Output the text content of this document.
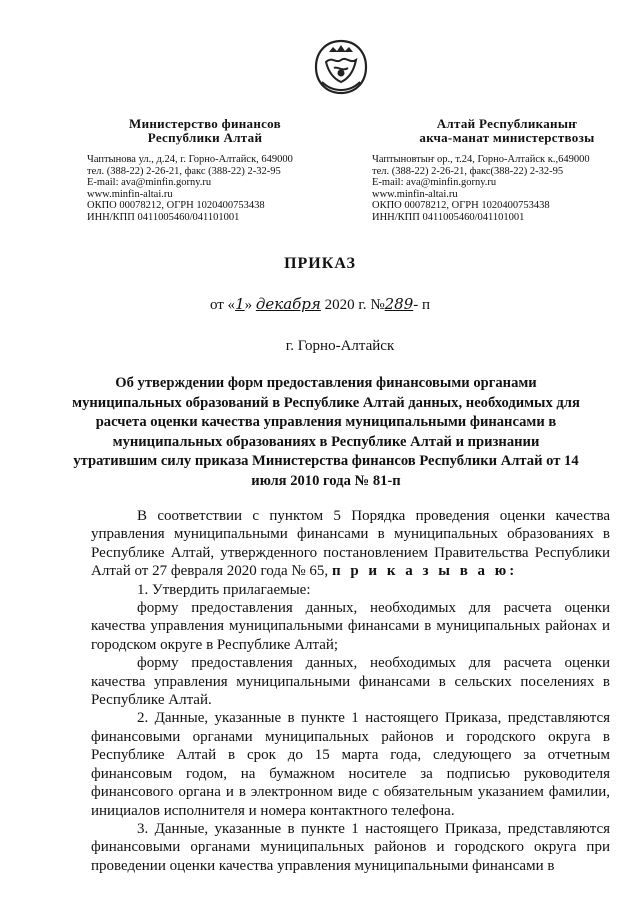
Министерство финансов
Республики Алтай
Чаптынова ул., д.24, г. Горно-Алтайск, 649000
тел. (388-22) 2-26-21, факс (388-22) 2-32-95
E-mail: ava@minfin.gorny.ru
www.minfin-altai.ru
ОКПО 00078212, ОГРН 1020400753438
ИНН/КПП 0411005460/041101001
Алтай Республиканыҥ
акча-манат министерствозы
Чаптыновтыҥ ор., т.24, Горно-Алтайск к.,649000
тел. (388-22) 2-26-21, факс(388-22) 2-32-95
E-mail: ava@minfin.gorny.ru
www.minfin-altai.ru
ОКПО 00078212, ОГРН 1020400753438
ИНН/КПП 0411005460/041101001
ПРИКАЗ
от «1» декабря 2020 г. №289- п
г. Горно-Алтайск
Об утверждении форм предоставления финансовыми органами муниципальных образований в Республике Алтай данных, необходимых для расчета оценки качества управления муниципальными финансами в муниципальных образованиях в Республике Алтай и признании утратившим силу приказа Министерства финансов Республики Алтай от 14 июля 2010 года № 81-п

В соответствии с пунктом 5 Порядка проведения оценки качества управления муниципальными финансами в муниципальных образованиях в Республике Алтай, утвержденного постановлением Правительства Республики Алтай от 27 февраля 2020 года № 65, п р и к а з ы в а ю:

1. Утвердить прилагаемые:

форму предоставления данных, необходимых для расчета оценки качества управления муниципальными финансами в муниципальных районах и городском округе в Республике Алтай;

форму предоставления данных, необходимых для расчета оценки качества управления муниципальными финансами в сельских поселениях в Республике Алтай.

2. Данные, указанные в пункте 1 настоящего Приказа, представляются финансовыми органами муниципальных районов и городского округа в Республике Алтай в срок до 15 марта года, следующего за отчетным финансовым годом, на бумажном носителе за подписью руководителя финансового органа и в электронном виде с обязательным указанием фамилии, инициалов исполнителя и номера контактного телефона.

3. Данные, указанные в пункте 1 настоящего Приказа, представляются финансовыми органами муниципальных районов и городского округа при проведении оценки качества управления муниципальными финансами в
